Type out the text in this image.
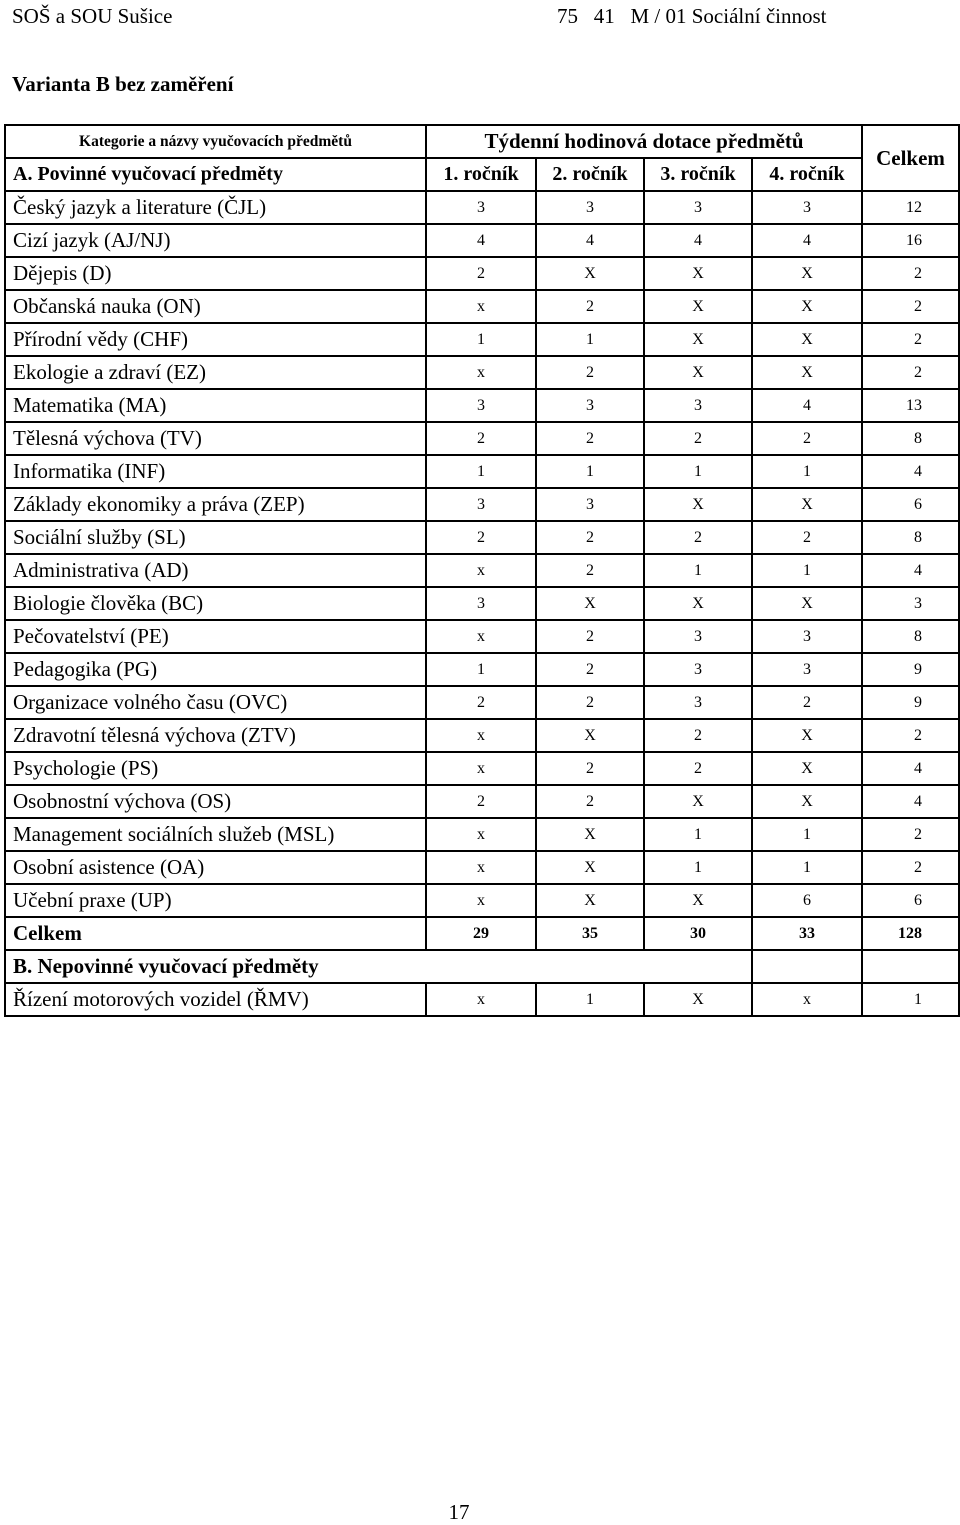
SOŠ a SOU Sušice	75   41   M / 01 Sociální činnost
Varianta B bez zaměření
Kategorie a názvy vyučovacích předmětů	Týdenní hodinová dotace předmětů				Celkem
A. Povinné vyučovací předměty	1. ročník	2. ročník	3. ročník	4. ročník	
Český jazyk a literature (ČJL)	3	3	3	3	12
Cizí jazyk (AJ/NJ)	4	4	4	4	16
Dějepis (D)	2	X	X	X	2
Občanská nauka (ON)	x	2	X	X	2
Přírodní vědy (CHF)	1	1	X	X	2
Ekologie a zdraví (EZ)	x	2	X	X	2
Matematika (MA)	3	3	3	4	13
Tělesná výchova (TV)	2	2	2	2	8
Informatika (INF)	1	1	1	1	4
Základy ekonomiky a práva (ZEP)	3	3	X	X	6
Sociální služby (SL)	2	2	2	2	8
Administrativa (AD)	x	2	1	1	4
Biologie člověka (BC)	3	X	X	X	3
Pečovatelství (PE)	x	2	3	3	8
Pedagogika (PG)	1	2	3	3	9
Organizace volného času (OVC)	2	2	3	2	9
Zdravotní tělesná výchova (ZTV)	x	X	2	X	2
Psychologie (PS)	x	2	2	X	4
Osobnostní výchova (OS)	2	2	X	X	4
Management sociálních služeb (MSL)	x	X	1	1	2
Osobní asistence (OA)	x	X	1	1	2
Učební praxe (UP)	x	X	X	6	6
Celkem	29	35	30	33	128
B. Nepovinné vyučovací předměty					
Řízení motorových vozidel (ŘMV)	x	1	X	x	1
17
